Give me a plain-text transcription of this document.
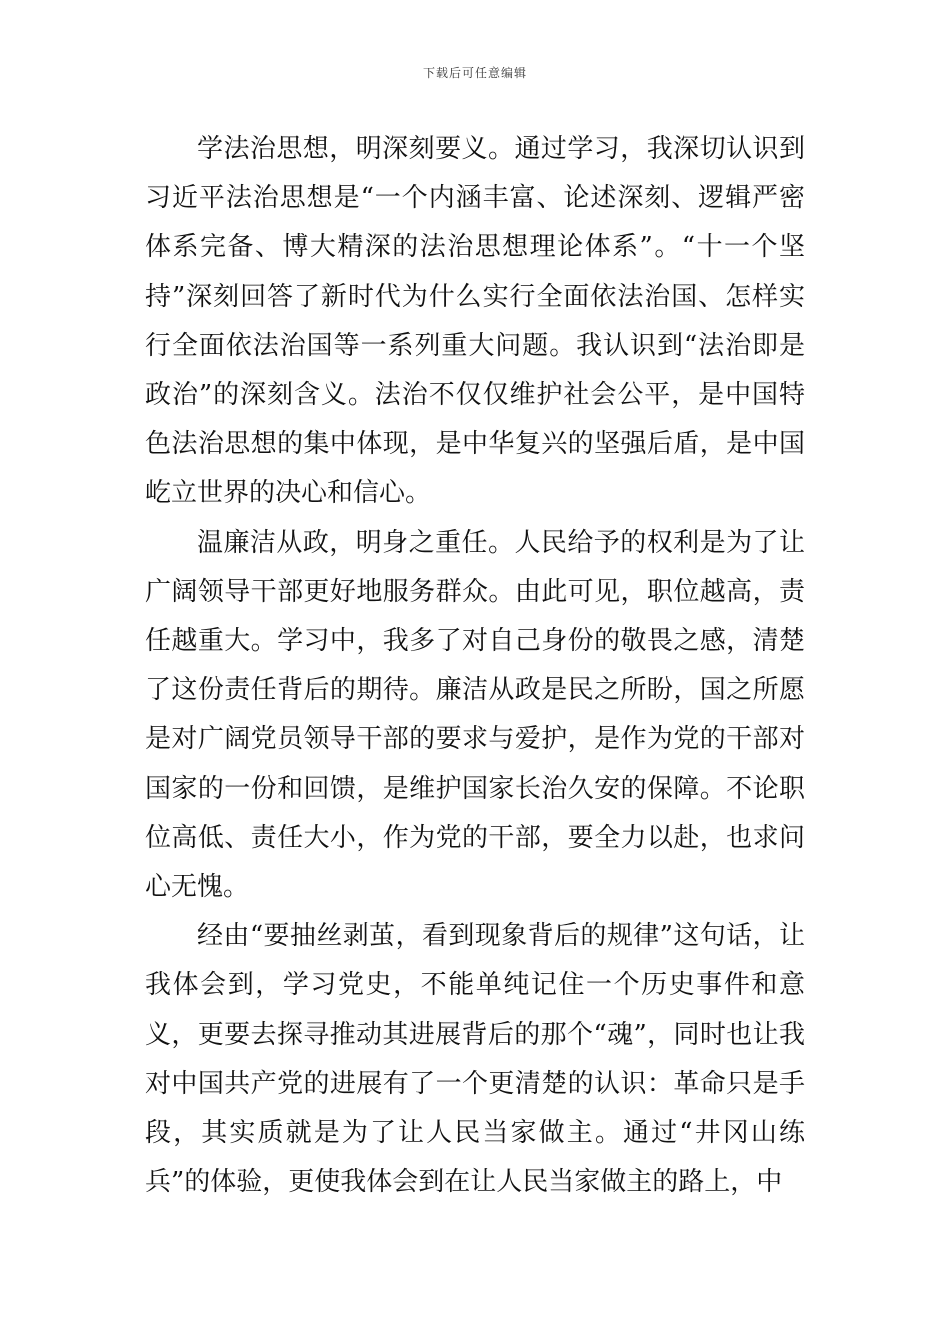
下载后可任意编辑

学法治思想，明深刻要义。通过学习，我深切认识到习近平法治思想是“一个内涵丰富、论述深刻、逻辑严密体系完备、博大精深的法治思想理论体系”。“十一个坚持”深刻回答了新时代为什么实行全面依法治国、怎样实行全面依法治国等一系列重大问题。我认识到“法治即是政治”的深刻含义。法治不仅仅维护社会公平，是中国特色法治思想的集中体现，是中华复兴的坚强后盾，是中国屹立世界的决心和信心。

温廉洁从政，明身之重任。人民给予的权利是为了让广阔领导干部更好地服务群众。由此可见，职位越高，责任越重大。学习中，我多了对自己身份的敬畏之感，清楚了这份责任背后的期待。廉洁从政是民之所盼，国之所愿是对广阔党员领导干部的要求与爱护，是作为党的干部对国家的一份和回馈，是维护国家长治久安的保障。不论职位高低、责任大小，作为党的干部，要全力以赴，也求问心无愧。

经由“要抽丝剥茧，看到现象背后的规律”这句话，让我体会到，学习党史，不能单纯记住一个历史事件和意义，更要去探寻推动其进展背后的那个“魂”，同时也让我对中国共产党的进展有了一个更清楚的认识：革命只是手段，其实质就是为了让人民当家做主。通过“井冈山练兵”的体验，更使我体会到在让人民当家做主的路上，中
